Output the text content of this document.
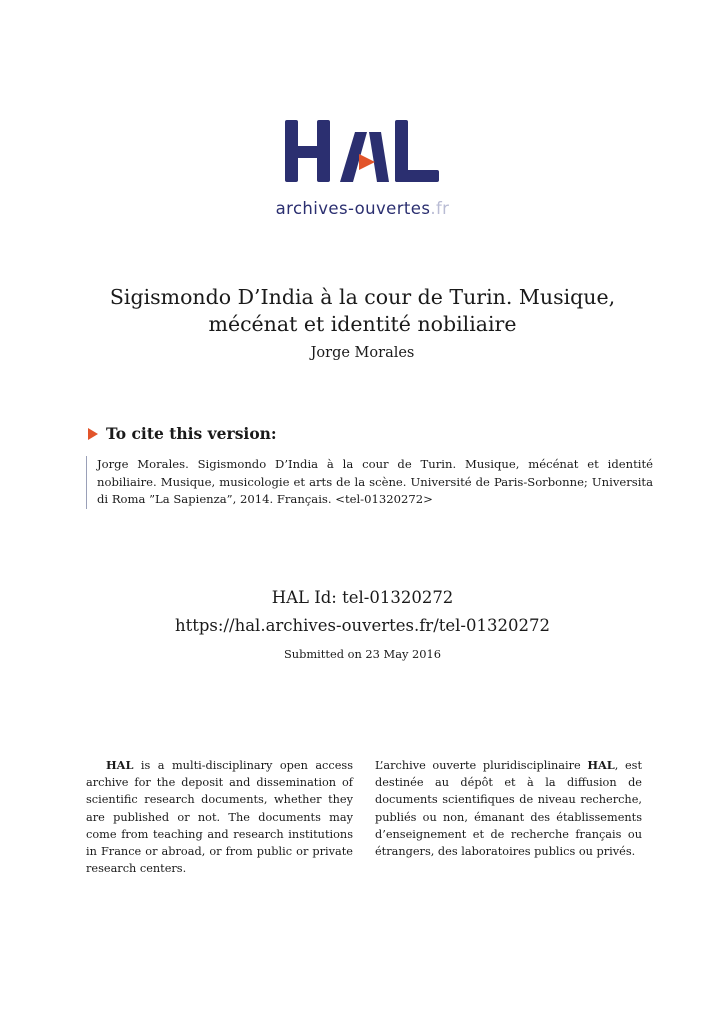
archives-ouvertes.fr
Sigismondo D’India à la cour de Turin. Musique, mécénat et identité nobiliaire
Jorge Morales
To cite this version:
Jorge Morales. Sigismondo D’India à la cour de Turin. Musique, mécénat et identité nobiliaire. Musique, musicologie et arts de la scène. Université de Paris-Sorbonne; Universita di Roma ”La Sapienza”, 2014. Français. <tel-01320272>
HAL Id: tel-01320272
https://hal.archives-ouvertes.fr/tel-01320272
Submitted on 23 May 2016
HAL is a multi-disciplinary open access archive for the deposit and dissemination of scientific research documents, whether they are published or not. The documents may come from teaching and research institutions in France or abroad, or from public or private research centers.
L’archive ouverte pluridisciplinaire HAL, est destinée au dépôt et à la diffusion de documents scientifiques de niveau recherche, publiés ou non, émanant des établissements d’enseignement et de recherche français ou étrangers, des laboratoires publics ou privés.
